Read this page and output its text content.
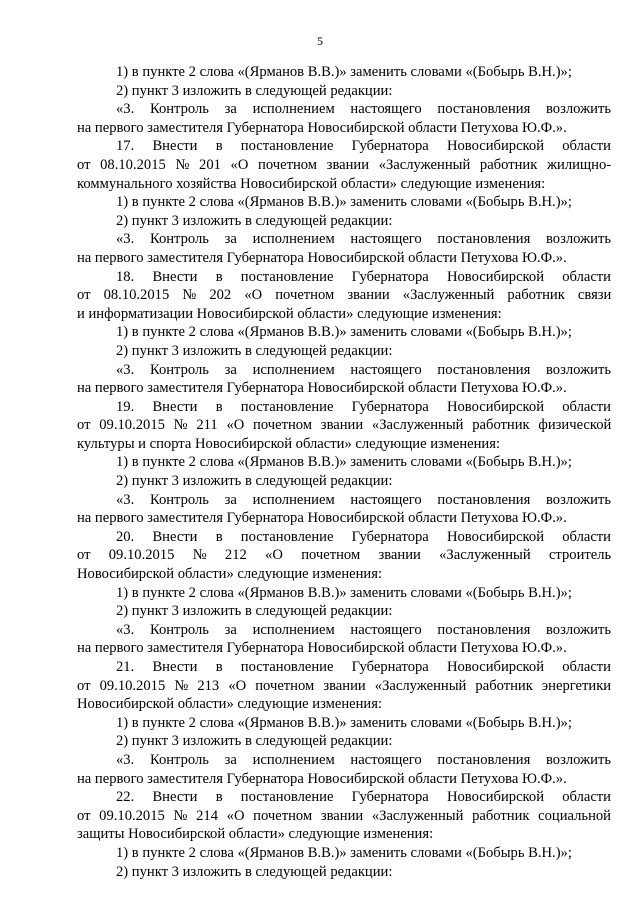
5
1) в пункте 2 слова «(Ярманов В.В.)» заменить словами «(Бобырь В.Н.)»;
2) пункт 3 изложить в следующей редакции:
«3. Контроль за исполнением настоящего постановления возложить
на первого заместителя Губернатора Новосибирской области Петухова Ю.Ф.».
17. Внести в постановление Губернатора Новосибирской области
от 08.10.2015 № 201 «О почетном звании «Заслуженный работник жилищно-
коммунального хозяйства Новосибирской области» следующие изменения:
1) в пункте 2 слова «(Ярманов В.В.)» заменить словами «(Бобырь В.Н.)»;
2) пункт 3 изложить в следующей редакции:
«3. Контроль за исполнением настоящего постановления возложить
на первого заместителя Губернатора Новосибирской области Петухова Ю.Ф.».
18. Внести в постановление Губернатора Новосибирской области
от 08.10.2015 № 202 «О почетном звании «Заслуженный работник связи
и информатизации Новосибирской области» следующие изменения:
1) в пункте 2 слова «(Ярманов В.В.)» заменить словами «(Бобырь В.Н.)»;
2) пункт 3 изложить в следующей редакции:
«3. Контроль за исполнением настоящего постановления возложить
на первого заместителя Губернатора Новосибирской области Петухова Ю.Ф.».
19. Внести в постановление Губернатора Новосибирской области
от 09.10.2015 № 211 «О почетном звании «Заслуженный работник физической
культуры и спорта Новосибирской области» следующие изменения:
1) в пункте 2 слова «(Ярманов В.В.)» заменить словами «(Бобырь В.Н.)»;
2) пункт 3 изложить в следующей редакции:
«3. Контроль за исполнением настоящего постановления возложить
на первого заместителя Губернатора Новосибирской области Петухова Ю.Ф.».
20. Внести в постановление Губернатора Новосибирской области
от 09.10.2015 № 212 «О почетном звании «Заслуженный строитель
Новосибирской области» следующие изменения:
1) в пункте 2 слова «(Ярманов В.В.)» заменить словами «(Бобырь В.Н.)»;
2) пункт 3 изложить в следующей редакции:
«3. Контроль за исполнением настоящего постановления возложить
на первого заместителя Губернатора Новосибирской области Петухова Ю.Ф.».
21. Внести в постановление Губернатора Новосибирской области
от 09.10.2015 № 213 «О почетном звании «Заслуженный работник энергетики
Новосибирской области» следующие изменения:
1) в пункте 2 слова «(Ярманов В.В.)» заменить словами «(Бобырь В.Н.)»;
2) пункт 3 изложить в следующей редакции:
«3. Контроль за исполнением настоящего постановления возложить
на первого заместителя Губернатора Новосибирской области Петухова Ю.Ф.».
22. Внести в постановление Губернатора Новосибирской области
от 09.10.2015 № 214 «О почетном звании «Заслуженный работник социальной
защиты Новосибирской области» следующие изменения:
1) в пункте 2 слова «(Ярманов В.В.)» заменить словами «(Бобырь В.Н.)»;
2) пункт 3 изложить в следующей редакции:
